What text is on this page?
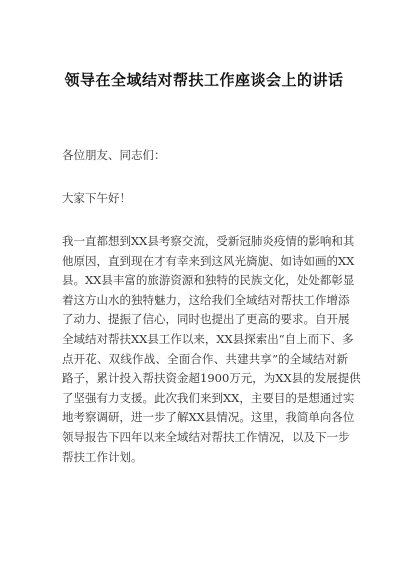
领导在全域结对帮扶工作座谈会上的讲话
各位朋友、同志们：
大家下午好！
我一直都想到XX县考察交流，受新冠肺炎疫情的影响和其
他原因，直到现在才有幸来到这风光旖旎、如诗如画的XX
县。XX县丰富的旅游资源和独特的民族文化，处处都彰显
着这方山水的独特魅力，这给我们全域结对帮扶工作增添
了动力、提振了信心，同时也提出了更高的要求。自开展
全域结对帮扶XX县工作以来，XX县探索出“自上而下、多
点开花、双线作战、全面合作、共建共享”的全域结对新
路子，累计投入帮扶资金超1900万元，为XX县的发展提供
了坚强有力支援。此次我们来到XX，主要目的是想通过实
地考察调研，进一步了解XX县情况。这里，我简单向各位
领导报告下四年以来全域结对帮扶工作情况，以及下一步
帮扶工作计划。
